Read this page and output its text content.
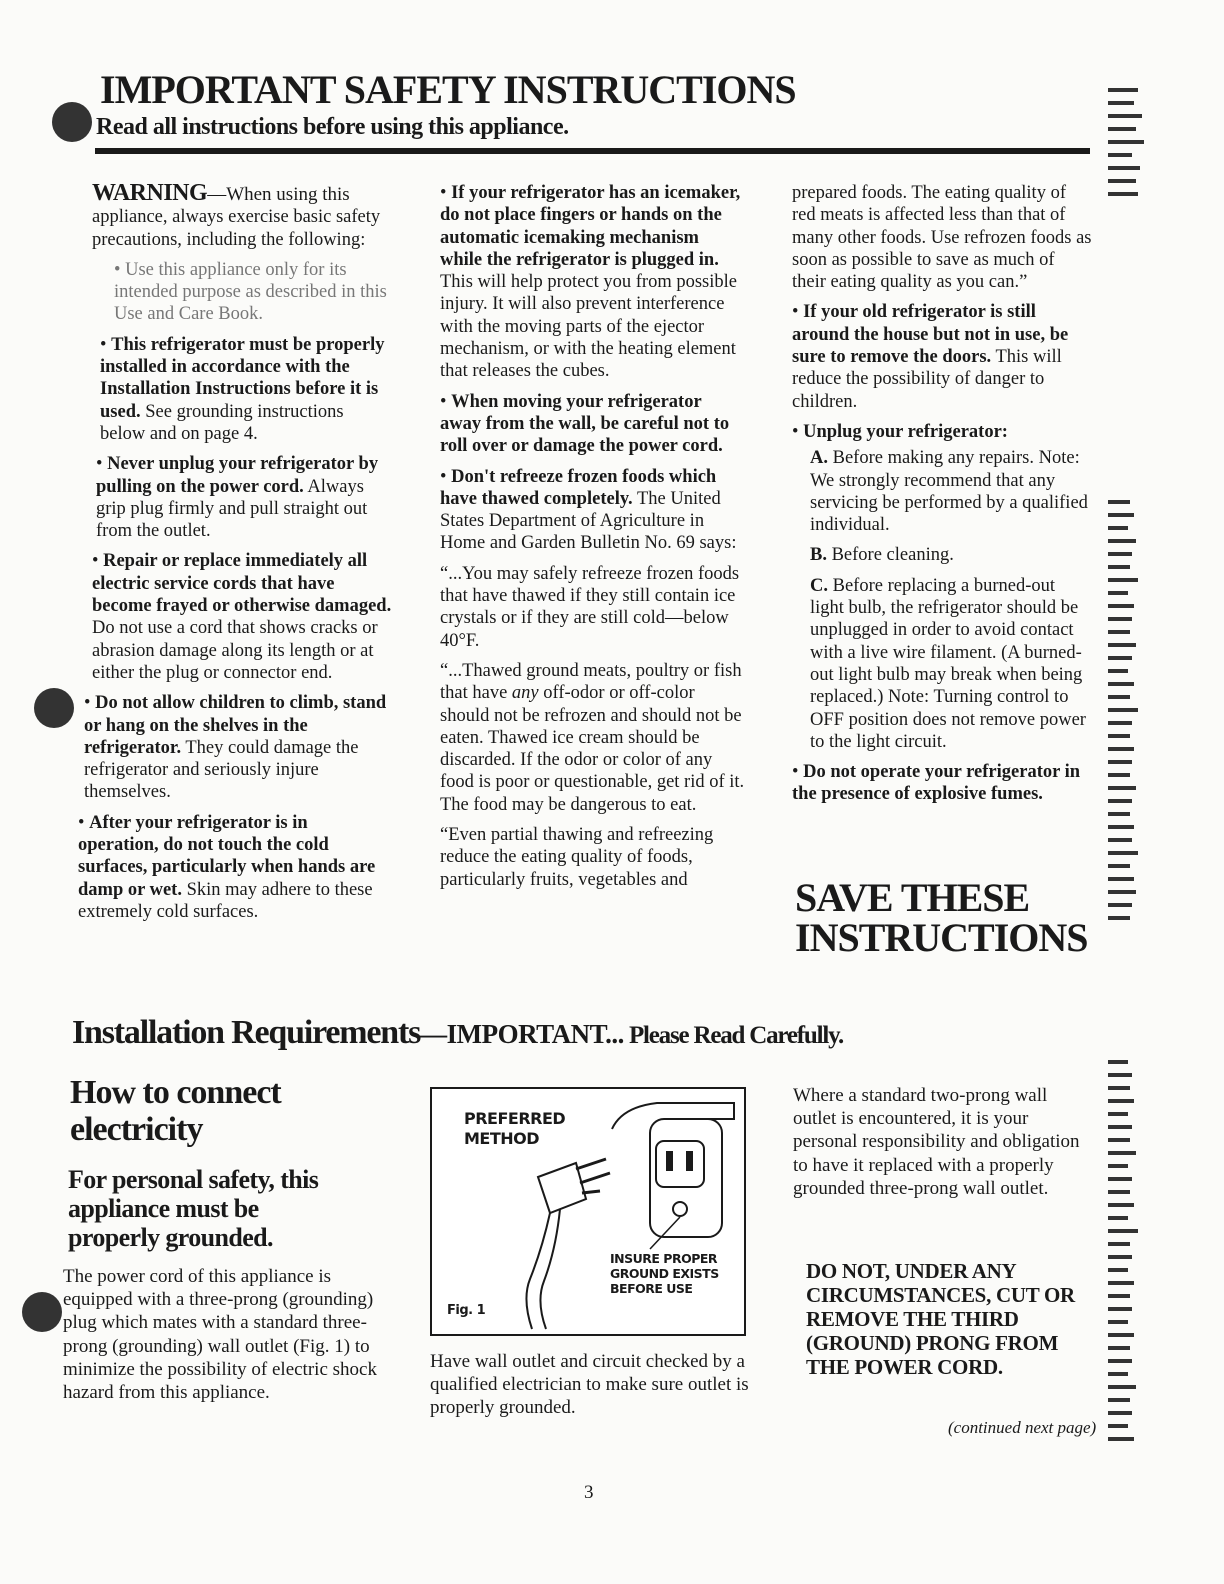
IMPORTANT SAFETY INSTRUCTIONS
Read all instructions before using this appliance.

WARNING—When using this appliance, always exercise basic safety precautions, including the following:

• Use this appliance only for its intended purpose as described in this Use and Care Book.

• This refrigerator must be properly installed in accordance with the Installation Instructions before it is used. See grounding instructions below and on page 4.

• Never unplug your refrigerator by pulling on the power cord. Always grip plug firmly and pull straight out from the outlet.

• Repair or replace immediately all electric service cords that have become frayed or otherwise damaged. Do not use a cord that shows cracks or abrasion damage along its length or at either the plug or connector end.

• Do not allow children to climb, stand or hang on the shelves in the refrigerator. They could damage the refrigerator and seriously injure themselves.

• After your refrigerator is in operation, do not touch the cold surfaces, particularly when hands are damp or wet. Skin may adhere to these extremely cold surfaces.

• If your refrigerator has an icemaker, do not place fingers or hands on the automatic icemaking mechanism while the refrigerator is plugged in. This will help protect you from possible injury. It will also prevent interference with the moving parts of the ejector mechanism, or with the heating element that releases the cubes.

• When moving your refrigerator away from the wall, be careful not to roll over or damage the power cord.

• Don't refreeze frozen foods which have thawed completely. The United States Department of Agriculture in Home and Garden Bulletin No. 69 says:

“...You may safely refreeze frozen foods that have thawed if they still contain ice crystals or if they are still cold—below 40°F.

“...Thawed ground meats, poultry or fish that have any off-odor or off-color should not be refrozen and should not be eaten. Thawed ice cream should be discarded. If the odor or color of any food is poor or questionable, get rid of it. The food may be dangerous to eat.

“Even partial thawing and refreezing reduce the eating quality of foods, particularly fruits, vegetables and

prepared foods. The eating quality of red meats is affected less than that of many other foods. Use refrozen foods as soon as possible to save as much of their eating quality as you can.”

• If your old refrigerator is still around the house but not in use, be sure to remove the doors. This will reduce the possibility of danger to children.

• Unplug your refrigerator:

A. Before making any repairs. Note: We strongly recommend that any servicing be performed by a qualified individual.

B. Before cleaning.

C. Before replacing a burned-out light bulb, the refrigerator should be unplugged in order to avoid contact with a live wire filament. (A burned-out light bulb may break when being replaced.) Note: Turning control to OFF position does not remove power to the light circuit.

• Do not operate your refrigerator in the presence of explosive fumes.

SAVE THESE
INSTRUCTIONS
Installation Requirements—IMPORTANT... Please Read Carefully.
How to connect electricity
For personal safety, this appliance must be properly grounded.
The power cord of this appliance is equipped with a three-prong (grounding) plug which mates with a standard three-prong (grounding) wall outlet (Fig. 1) to minimize the possibility of electric shock hazard from this appliance.
PREFERRED METHOD
INSURE PROPER GROUND EXISTS BEFORE USE
Fig. 1
Have wall outlet and circuit checked by a qualified electrician to make sure outlet is properly grounded.
Where a standard two-prong wall outlet is encountered, it is your personal responsibility and obligation to have it replaced with a properly grounded three-prong wall outlet.
DO NOT, UNDER ANY CIRCUMSTANCES, CUT OR REMOVE THE THIRD (GROUND) PRONG FROM THE POWER CORD.
(continued next page)
3
